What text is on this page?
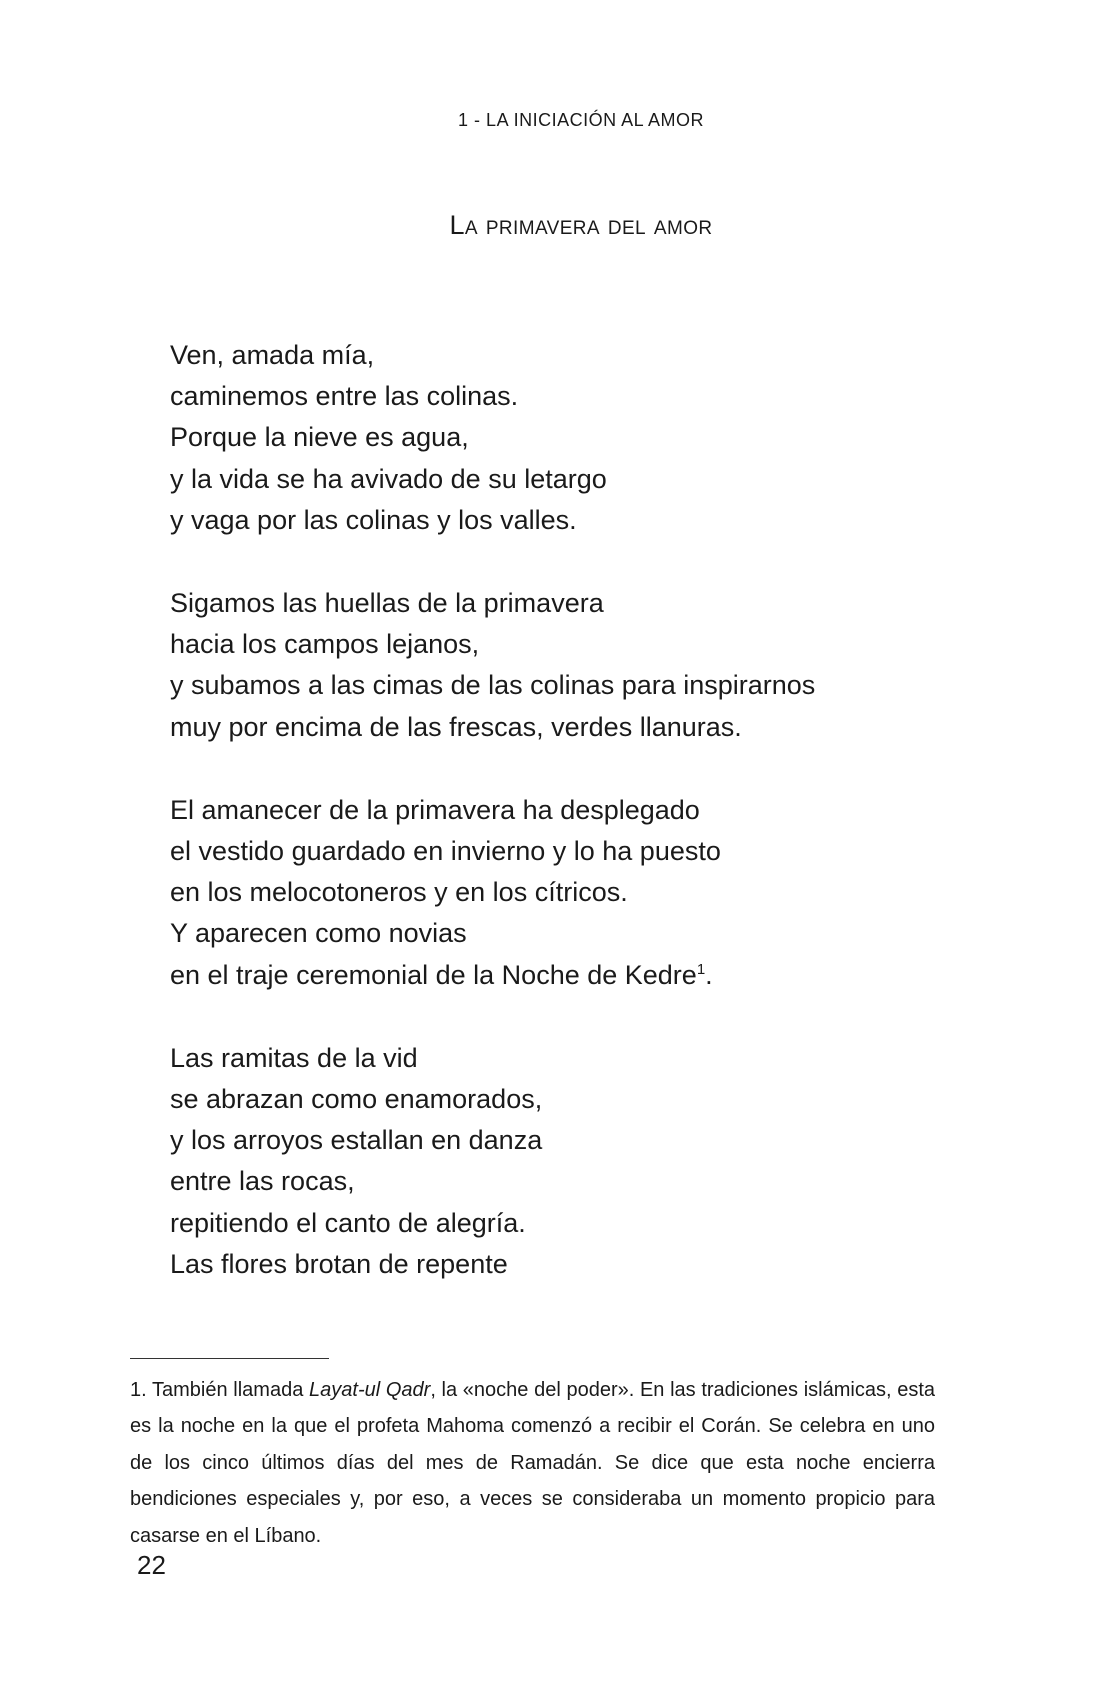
1 - LA INICIACIÓN AL AMOR
La primavera del amor
Ven, amada mía,
caminemos entre las colinas.
Porque la nieve es agua,
y la vida se ha avivado de su letargo
y vaga por las colinas y los valles.
Sigamos las huellas de la primavera
hacia los campos lejanos,
y subamos a las cimas de las colinas para inspirarnos
muy por encima de las frescas, verdes llanuras.
El amanecer de la primavera ha desplegado
el vestido guardado en invierno y lo ha puesto
en los melocotoneros y en los cítricos.
Y aparecen como novias
en el traje ceremonial de la Noche de Kedre$^1$.
Las ramitas de la vid
se abrazan como enamorados,
y los arroyos estallan en danza
entre las rocas,
repitiendo el canto de alegría.
Las flores brotan de repente
1. También llamada Layat-ul Qadr, la «noche del poder». En las tradiciones islámicas, esta es la noche en la que el profeta Mahoma comenzó a recibir el Corán. Se celebra en uno de los cinco últimos días del mes de Ramadán. Se dice que esta noche encierra bendiciones especiales y, por eso, a veces se consideraba un momento propicio para casarse en el Líbano.
22
